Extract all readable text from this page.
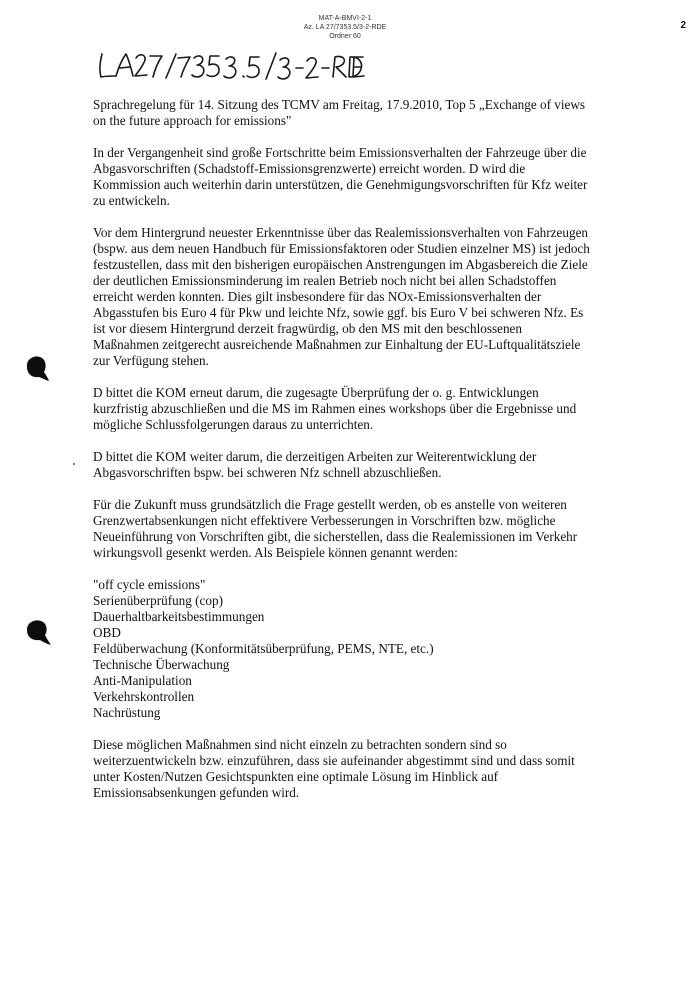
MAT-A-BMVI-2-1
Az. LA 27/7353.5/3-2-RDE
Ordner 60
2

Sprachregelung für 14. Sitzung des TCMV am Freitag, 17.9.2010, Top 5 „Exchange of views
on the future approach for emissions"

In der Vergangenheit sind große Fortschritte beim Emissionsverhalten der Fahrzeuge über die
Abgasvorschriften (Schadstoff-Emissionsgrenzwerte) erreicht worden. D wird die
Kommission auch weiterhin darin unterstützen, die Genehmigungsvorschriften für Kfz weiter
zu entwickeln.

Vor dem Hintergrund neuester Erkenntnisse über das Realemissionsverhalten von Fahrzeugen
(bspw. aus dem neuen Handbuch für Emissionsfaktoren oder Studien einzelner MS) ist jedoch
festzustellen, dass mit den bisherigen europäischen Anstrengungen im Abgasbereich die Ziele
der deutlichen Emissionsminderung im realen Betrieb noch nicht bei allen Schadstoffen
erreicht werden konnten. Dies gilt insbesondere für das NOx-Emissionsverhalten der
Abgasstufen bis Euro 4 für Pkw und leichte Nfz, sowie ggf. bis Euro V bei schweren Nfz. Es
ist vor diesem Hintergrund derzeit fragwürdig, ob den MS mit den beschlossenen
Maßnahmen zeitgerecht ausreichende Maßnahmen zur Einhaltung der EU-Luftqualitätsziele
zur Verfügung stehen.

D bittet die KOM erneut darum, die zugesagte Überprüfung der o. g. Entwicklungen
kurzfristig abzuschließen und die MS im Rahmen eines workshops über die Ergebnisse und
mögliche Schlussfolgerungen daraus zu unterrichten.

D bittet die KOM weiter darum, die derzeitigen Arbeiten zur Weiterentwicklung der
Abgasvorschriften bspw. bei schweren Nfz schnell abzuschließen.

Für die Zukunft muss grundsätzlich die Frage gestellt werden, ob es anstelle von weiteren
Grenzwertabsenkungen nicht effektivere Verbesserungen in Vorschriften bzw. mögliche
Neueinführung von Vorschriften gibt, die sicherstellen, dass die Realemissionen im Verkehr
wirkungsvoll gesenkt werden. Als Beispiele können genannt werden:

"off cycle emissions"
Serienüberprüfung (cop)
Dauerhaltbarkeitsbestimmungen
OBD
Feldüberwachung (Konformitätsüberprüfung, PEMS, NTE, etc.)
Technische Überwachung
Anti-Manipulation
Verkehrskontrollen
Nachrüstung

Diese möglichen Maßnahmen sind nicht einzeln zu betrachten sondern sind so
weiterzuentwickeln bzw. einzuführen, dass sie aufeinander abgestimmt sind und dass somit
unter Kosten/Nutzen Gesichtspunkten eine optimale Lösung im Hinblick auf
Emissionsabsenkungen gefunden wird.
